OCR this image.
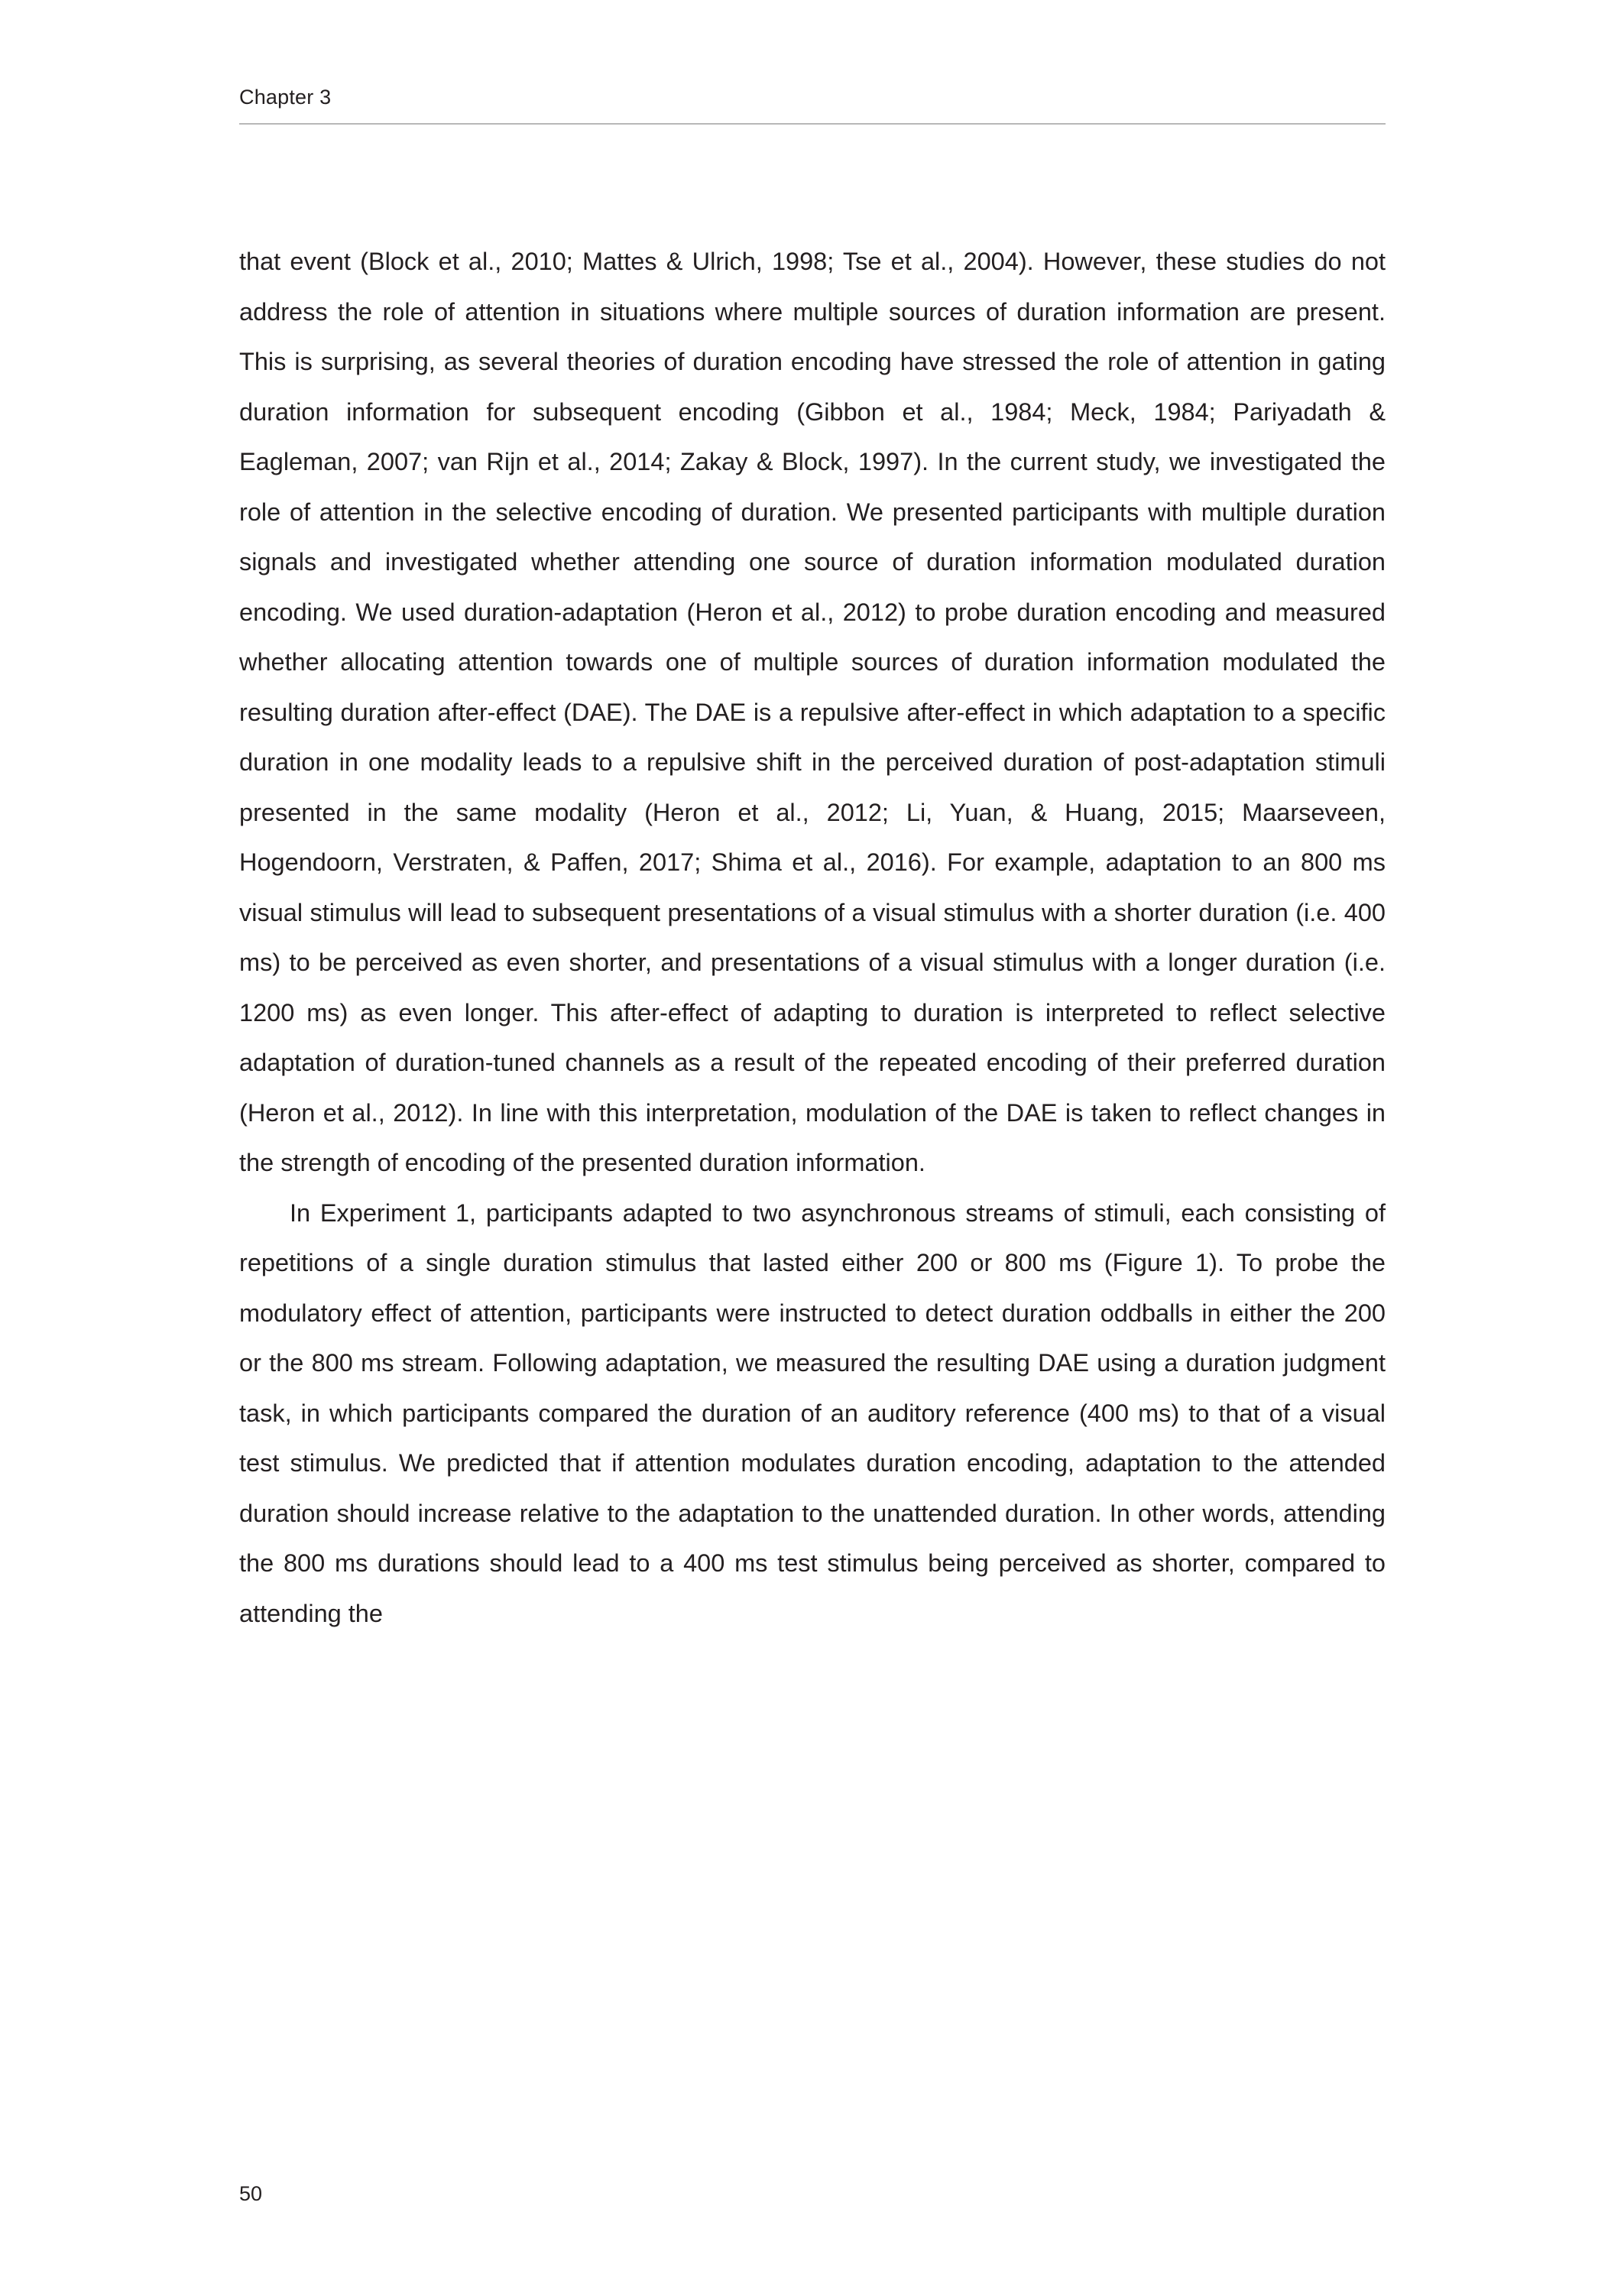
Chapter 3

that event (Block et al., 2010; Mattes & Ulrich, 1998; Tse et al., 2004). However, these studies do not address the role of attention in situations where multiple sources of duration information are present. This is surprising, as several theories of duration encoding have stressed the role of attention in gating duration information for subsequent encoding (Gibbon et al., 1984; Meck, 1984; Pariyadath & Eagleman, 2007; van Rijn et al., 2014; Zakay & Block, 1997). In the current study, we investigated the role of attention in the selective encoding of duration. We presented participants with multiple duration signals and investigated whether attending one source of duration information modulated duration encoding. We used duration-adaptation (Heron et al., 2012) to probe duration encoding and measured whether allocating attention towards one of multiple sources of duration information modulated the resulting duration after-effect (DAE). The DAE is a repulsive after-effect in which adaptation to a specific duration in one modality leads to a repulsive shift in the perceived duration of post-adaptation stimuli presented in the same modality (Heron et al., 2012; Li, Yuan, & Huang, 2015; Maarseveen, Hogendoorn, Verstraten, & Paffen, 2017; Shima et al., 2016). For example, adaptation to an 800 ms visual stimulus will lead to subsequent presentations of a visual stimulus with a shorter duration (i.e. 400 ms) to be perceived as even shorter, and presentations of a visual stimulus with a longer duration (i.e. 1200 ms) as even longer. This after-effect of adapting to duration is interpreted to reflect selective adaptation of duration-tuned channels as a result of the repeated encoding of their preferred duration (Heron et al., 2012). In line with this interpretation, modulation of the DAE is taken to reflect changes in the strength of encoding of the presented duration information.

In Experiment 1, participants adapted to two asynchronous streams of stimuli, each consisting of repetitions of a single duration stimulus that lasted either 200 or 800 ms (Figure 1). To probe the modulatory effect of attention, participants were instructed to detect duration oddballs in either the 200 or the 800 ms stream. Following adaptation, we measured the resulting DAE using a duration judgment task, in which participants compared the duration of an auditory reference (400 ms) to that of a visual test stimulus. We predicted that if attention modulates duration encoding, adaptation to the attended duration should increase relative to the adaptation to the unattended duration. In other words, attending the 800 ms durations should lead to a 400 ms test stimulus being perceived as shorter, compared to attending the

50
